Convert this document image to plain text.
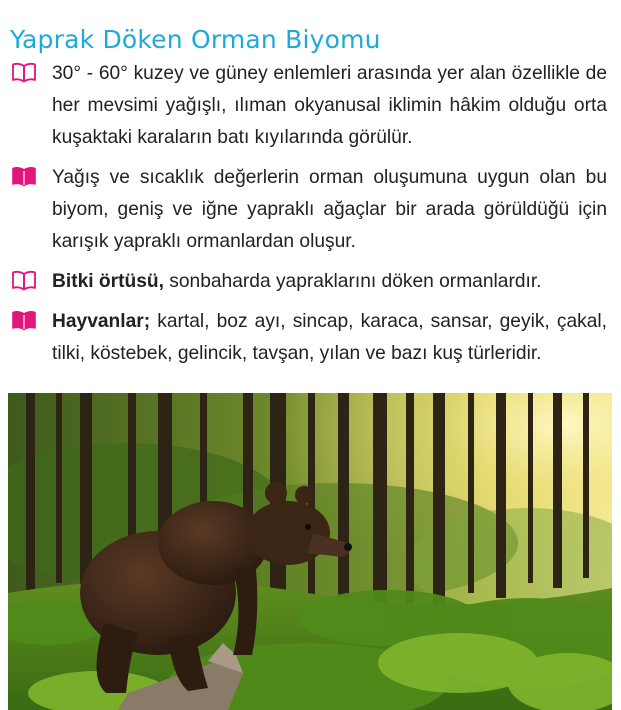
Yaprak Döken Orman Biyomu

30° - 60° kuzey ve güney enlemleri arasında yer alan özellikle de her mevsimi yağışlı, ılıman okyanusal iklimin hâkim olduğu orta kuşaktaki karaların batı kıyılarında görülür.

Yağış ve sıcaklık değerlerin orman oluşumuna uygun olan bu biyom, geniş ve iğne yapraklı ağaçlar bir arada görüldüğü için karışık yapraklı ormanlardan oluşur.

Bitki örtüsü, sonbaharda yapraklarını döken ormanlardır.

Hayvanlar; kartal, boz ayı, sincap, karaca, sansar, geyik, çakal, tilki, köstebek, gelincik, tavşan, yılan ve bazı kuş türleridir.
